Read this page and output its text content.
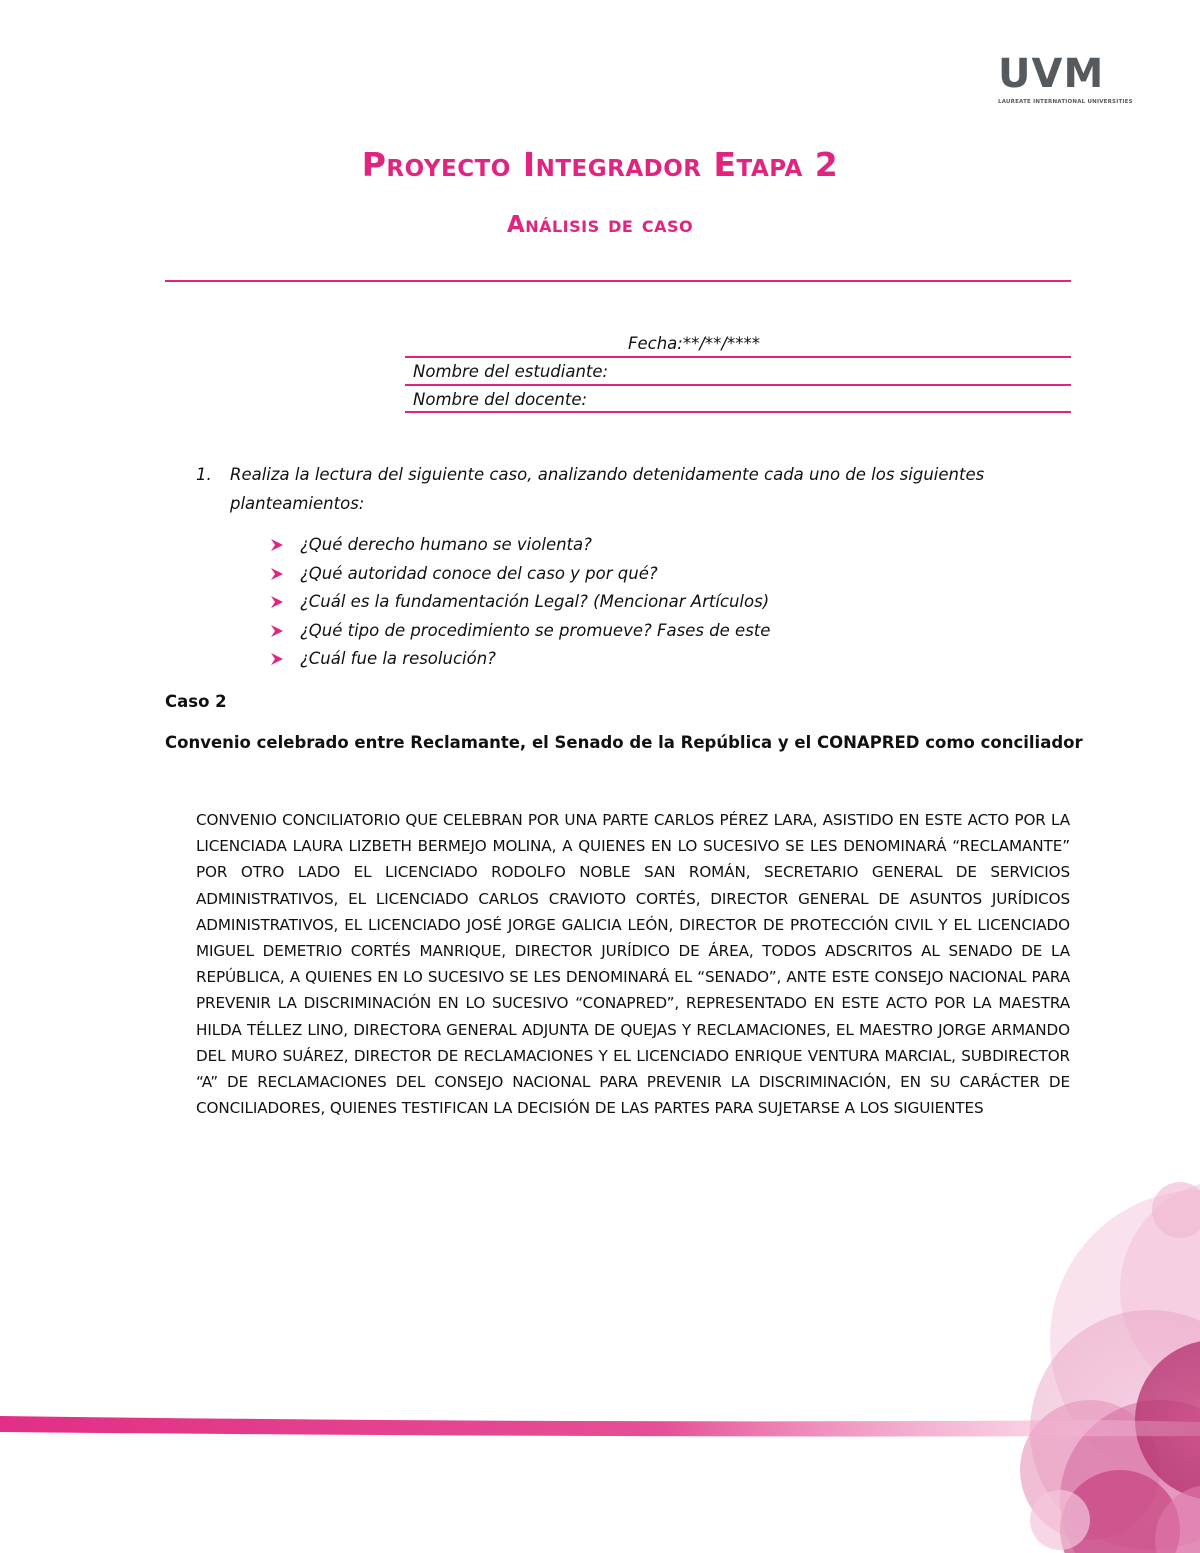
UVM
LAUREATE INTERNATIONAL UNIVERSITIES
Proyecto Integrador Etapa 2
Análisis de caso
Fecha:**/**/****
Nombre del estudiante:
Nombre del docente:
1. Realiza la lectura del siguiente caso, analizando detenidamente cada uno de los siguientes planteamientos:
¿Qué derecho humano se violenta?
¿Qué autoridad conoce del caso y por qué?
¿Cuál es la fundamentación Legal? (Mencionar Artículos)
¿Qué tipo de procedimiento se promueve? Fases de este
¿Cuál fue la resolución?
Caso 2
Convenio celebrado entre Reclamante, el Senado de la República y el CONAPRED como conciliador

CONVENIO CONCILIATORIO QUE CELEBRAN POR UNA PARTE CARLOS PÉREZ LARA, ASISTIDO EN ESTE ACTO POR LA LICENCIADA LAURA LIZBETH BERMEJO MOLINA, A QUIENES EN LO SUCESIVO SE LES DENOMINARÁ “RECLAMANTE” POR OTRO LADO EL LICENCIADO RODOLFO NOBLE SAN ROMÁN, SECRETARIO GENERAL DE SERVICIOS ADMINISTRATIVOS, EL LICENCIADO CARLOS CRAVIOTO CORTÉS, DIRECTOR GENERAL DE ASUNTOS JURÍDICOS ADMINISTRATIVOS, EL LICENCIADO JOSÉ JORGE GALICIA LEÓN, DIRECTOR DE PROTECCIÓN CIVIL Y EL LICENCIADO MIGUEL DEMETRIO CORTÉS MANRIQUE, DIRECTOR JURÍDICO DE ÁREA, TODOS ADSCRITOS AL SENADO DE LA REPÚBLICA, A QUIENES EN LO SUCESIVO SE LES DENOMINARÁ EL “SENADO”, ANTE ESTE CONSEJO NACIONAL PARA PREVENIR LA DISCRIMINACIÓN EN LO SUCESIVO “CONAPRED”, REPRESENTADO EN ESTE ACTO POR LA MAESTRA HILDA TÉLLEZ LINO, DIRECTORA GENERAL ADJUNTA DE QUEJAS Y RECLAMACIONES, EL MAESTRO JORGE ARMANDO DEL MURO SUÁREZ, DIRECTOR DE RECLAMACIONES Y EL LICENCIADO ENRIQUE VENTURA MARCIAL, SUBDIRECTOR “A” DE RECLAMACIONES DEL CONSEJO NACIONAL PARA PREVENIR LA DISCRIMINACIÓN, EN SU CARÁCTER DE CONCILIADORES, QUIENES TESTIFICAN LA DECISIÓN DE LAS PARTES PARA SUJETARSE A LOS SIGUIENTES
